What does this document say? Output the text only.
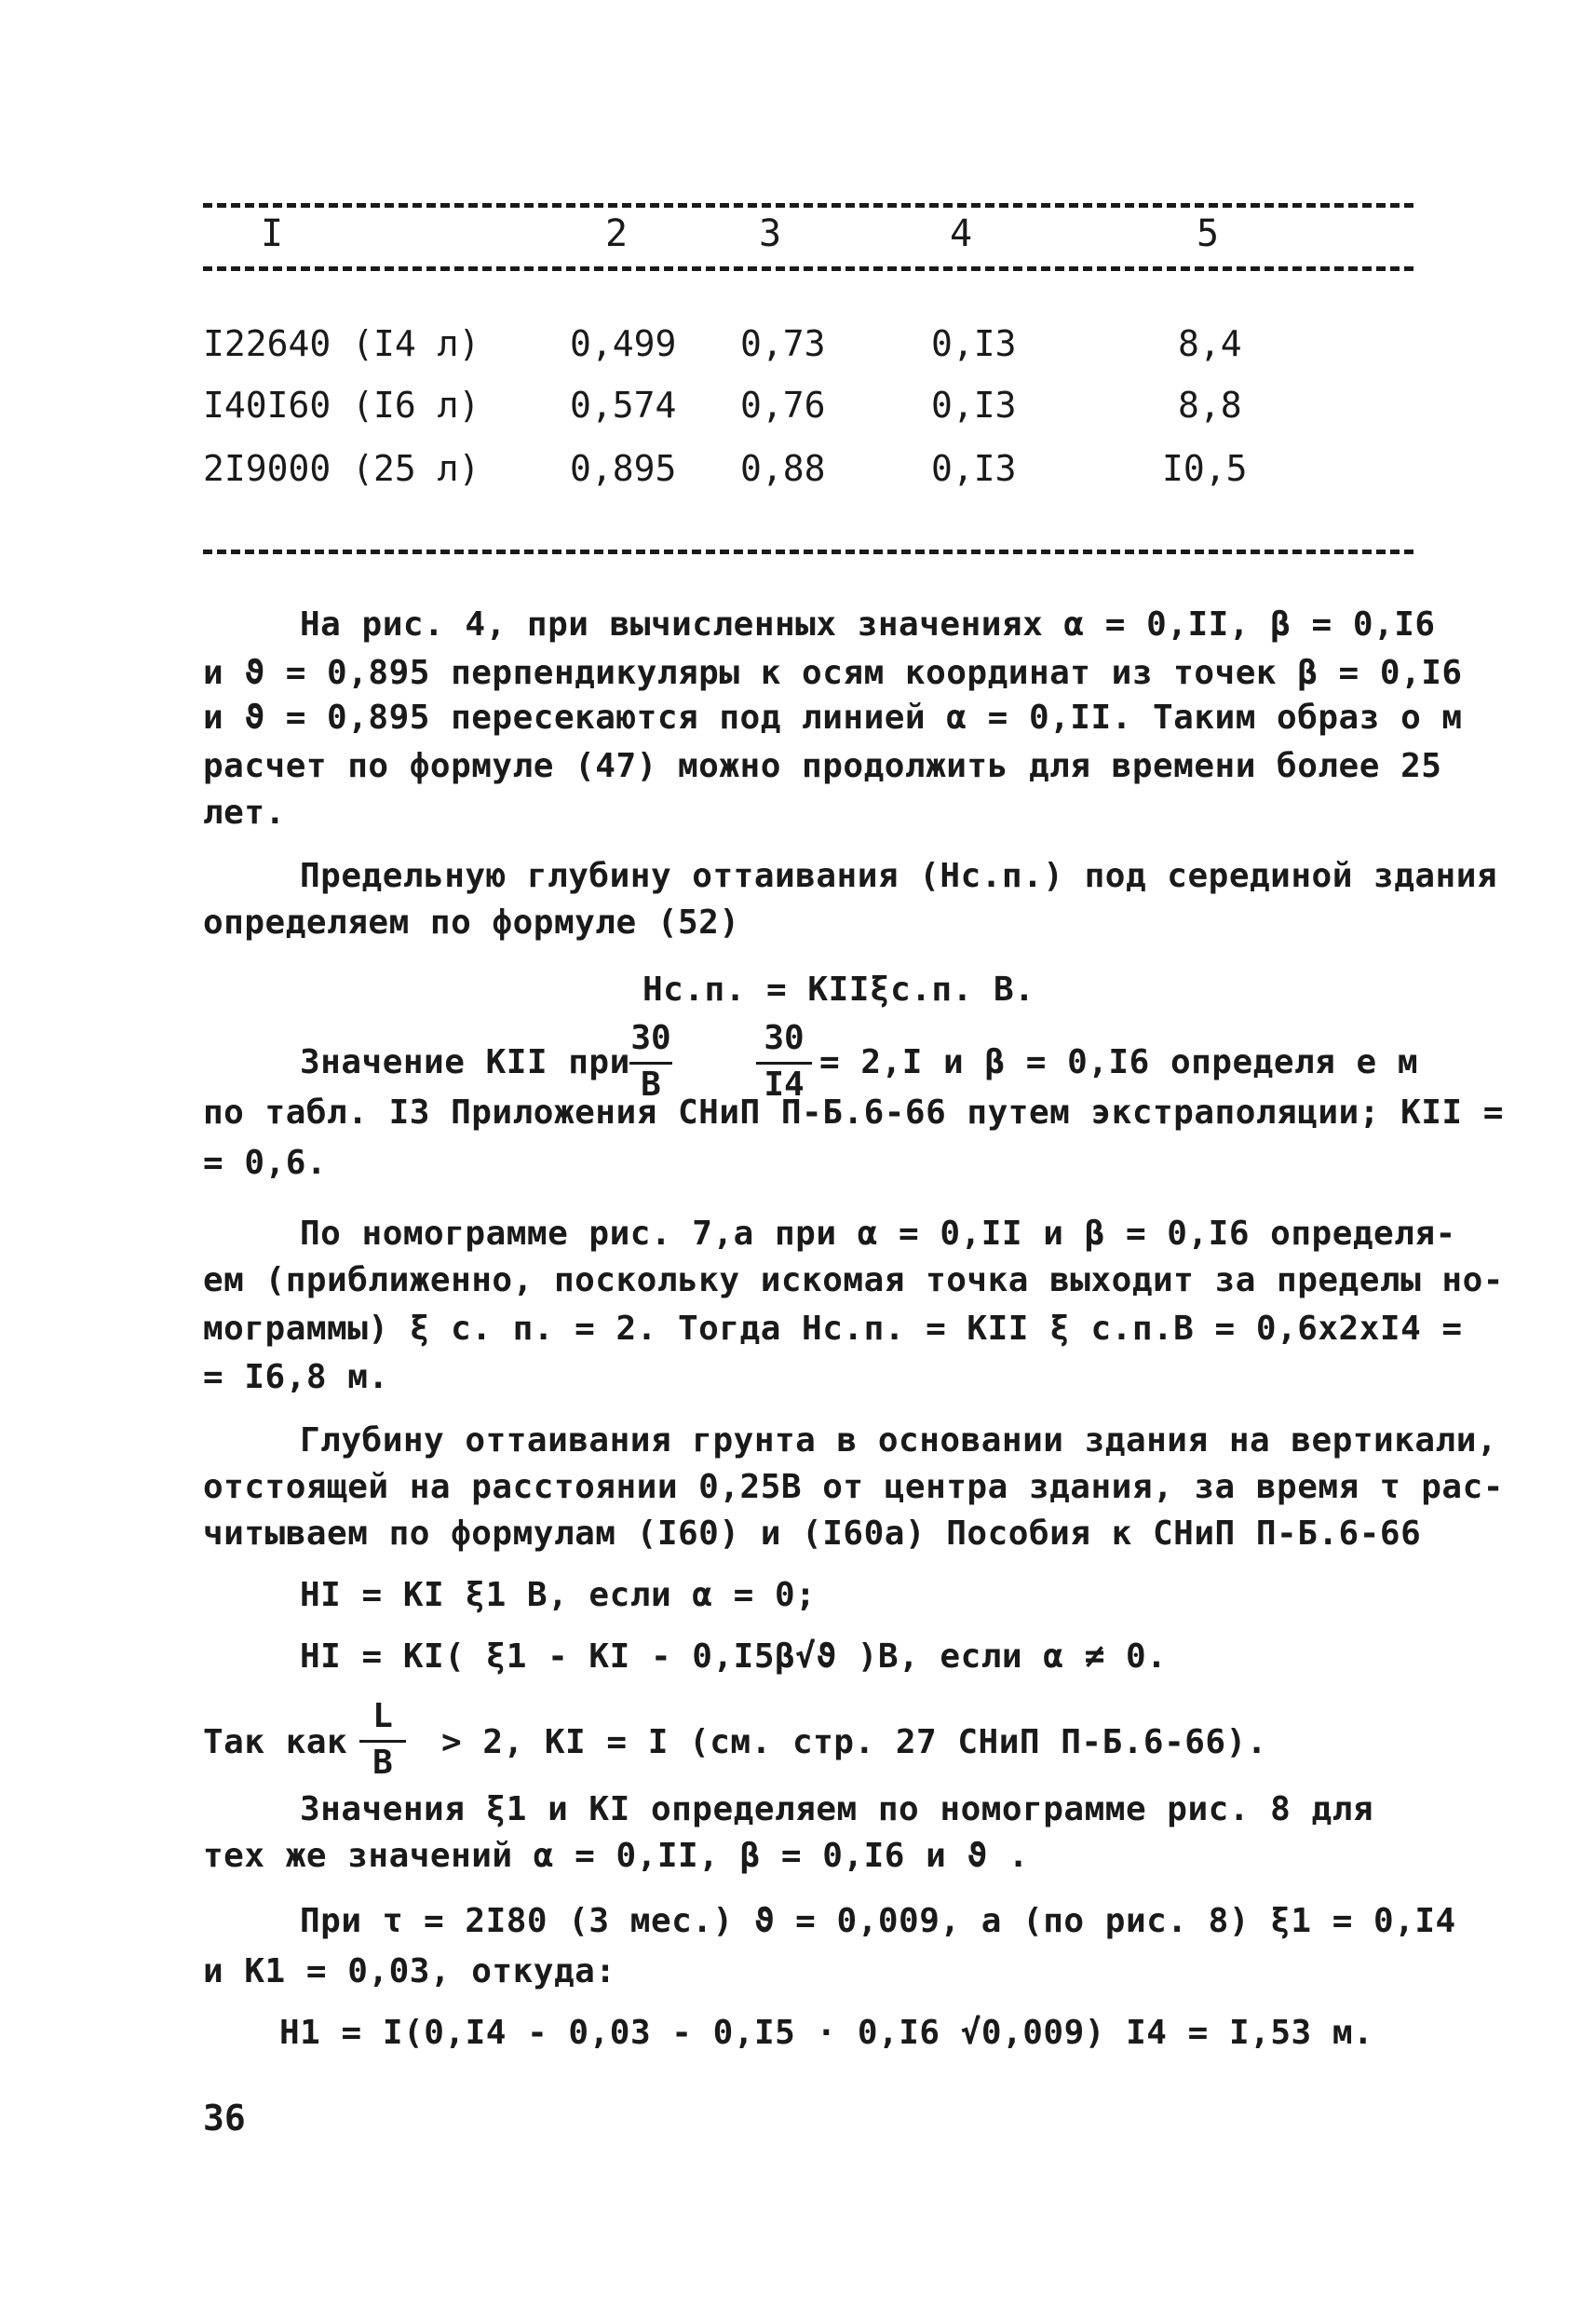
I	2	3	4	5
I22640 (I4 л)	0,499 0,73	0,I3	8,4
I40I60 (I6 л)	0,574 0,76	0,I3	8,8
2I9000 (25 л)	0,895 0,88	0,I3	I0,5
На рис. 4, при вычисленных значениях α = 0,II, β = 0,I6
и ϑ = 0,895 перпендикуляры к осям координат из точек β = 0,I6
и ϑ = 0,895 пересекаются под линией α = 0,II. Таким образ о м
расчет по формуле (47) можно продолжить для времени более 25
лет.
Предельную глубину оттаивания (Hс.п.) под серединой здания
определяем по формуле (52)
Hс.п. = KIIξс.п. B.
Значение KII при
30
B
30
I4
= 2,I и β = 0,I6 определя е м
по табл. I3 Приложения СНиП П-Б.6-66 путем экстраполяции; KII =
= 0,6.
По номограмме рис. 7,а при α = 0,II и β = 0,I6 определя-
ем (приближенно, поскольку искомая точка выходит за пределы но-
мограммы) ξ с. п. = 2. Тогда Hс.п. = KII ξ с.п.B = 0,6x2xI4 =
= I6,8 м.
Глубину оттаивания грунта в основании здания на вертикали,
отстоящей на расстоянии 0,25B от центра здания, за время τ рас-
читываем по формулам (I60) и (I60а) Пособия к СНиП П-Б.6-66
HI = KI ξ1 B, если α = 0;
HI = KI( ξ1 - KI - 0,I5β√ϑ )B, если α ≠ 0.
Так как
L
B
> 2, KI = I (см. стр. 27 СНиП П-Б.6-66).
Значения ξ1 и KI определяем по номограмме рис. 8 для
тех же значений α = 0,II, β = 0,I6 и ϑ .
При τ = 2I80 (3 мес.) ϑ = 0,009, а (по рис. 8) ξ1 = 0,I4
и K1 = 0,03, откуда:
H1 = I(0,I4 - 0,03 - 0,I5 · 0,I6 √0,009) I4 = I,53 м.
36
